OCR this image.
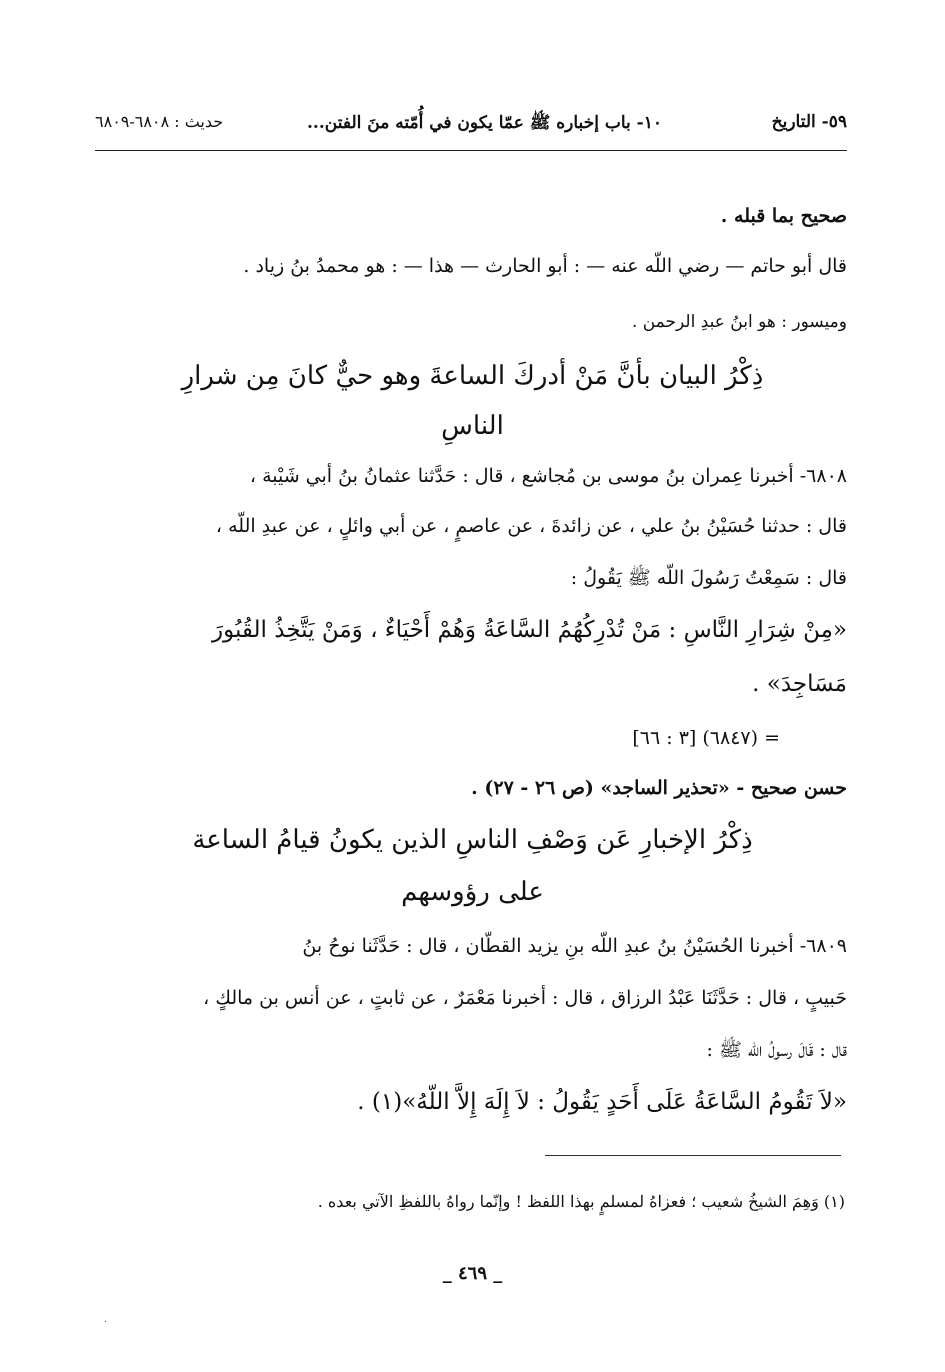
٥٩- التاريخ
١٠- باب إخباره ﷺ عمّا يكون في أُمّته منَ الفتن...
حديث : ٦٨٠٨-٦٨٠٩
صحيح بما قبله .
قال أبو حاتم — رضي اللّه عنه — : أبو الحارث — هذا — : هو محمدُ بنُ زياد .
وميسور : هو ابنُ عبدِ الرحمن .
ذِكْرُ البيان بأنَّ مَنْ أدركَ الساعةَ وهو حيٌّ كانَ مِن شرارِ
الناسِ
٦٨٠٨- أخبرنا عِمران بنُ موسى بن مُجاشع ، قال : حَدَّثنا عثمانُ بنُ أبي شَيْبة ،
قال : حدثنا حُسَيْنُ بنُ علي ، عن زائدةَ ، عن عاصمٍ ، عن أبي وائلٍ ، عن عبدِ اللّه ،
قال : سَمِعْتُ رَسُولَ اللّه ﷺ يَقُولُ :
«مِنْ شِرَارِ النَّاسِ : مَنْ تُدْرِكُهُمُ السَّاعَةُ وَهُمْ أَحْيَاءٌ ، وَمَنْ يَتَّخِذُ القُبُورَ
مَسَاجِدَ» .
= (٦٨٤٧) [٣ : ٦٦]
حسن صحيح - «تحذير الساجد» (ص ٢٦ - ٢٧) .
ذِكْرُ الإخبارِ عَن وَصْفِ الناسِ الذين يكونُ قيامُ الساعة
على رؤوسهم
٦٨٠٩- أخبرنا الحُسَيْنُ بنُ عبدِ اللّه بنِ يزيد القطّان ، قال : حَدَّثَنا نوحُ بنُ
حَبيبٍ ، قال : حَدَّثَنَا عَبْدُ الرزاق ، قال : أخبرنا مَعْمَرٌ ، عن ثابتٍ ، عن أنس بن مالكٍ ،
قال : قَالَ رسولُ اللّه ﷺ :
«لاَ تَقُومُ السَّاعَةُ عَلَى أَحَدٍ يَقُولُ : لاَ إِلَهَ إِلاَّ اللّهُ»(١) .
(١) وَهِمَ الشيخُ شعيب ؛ فعزاهُ لمسلمٍ بهذا اللفظ ! وإنّما رواهُ باللفظِ الآتي بعده .
_ ٤٦٩ _
·
